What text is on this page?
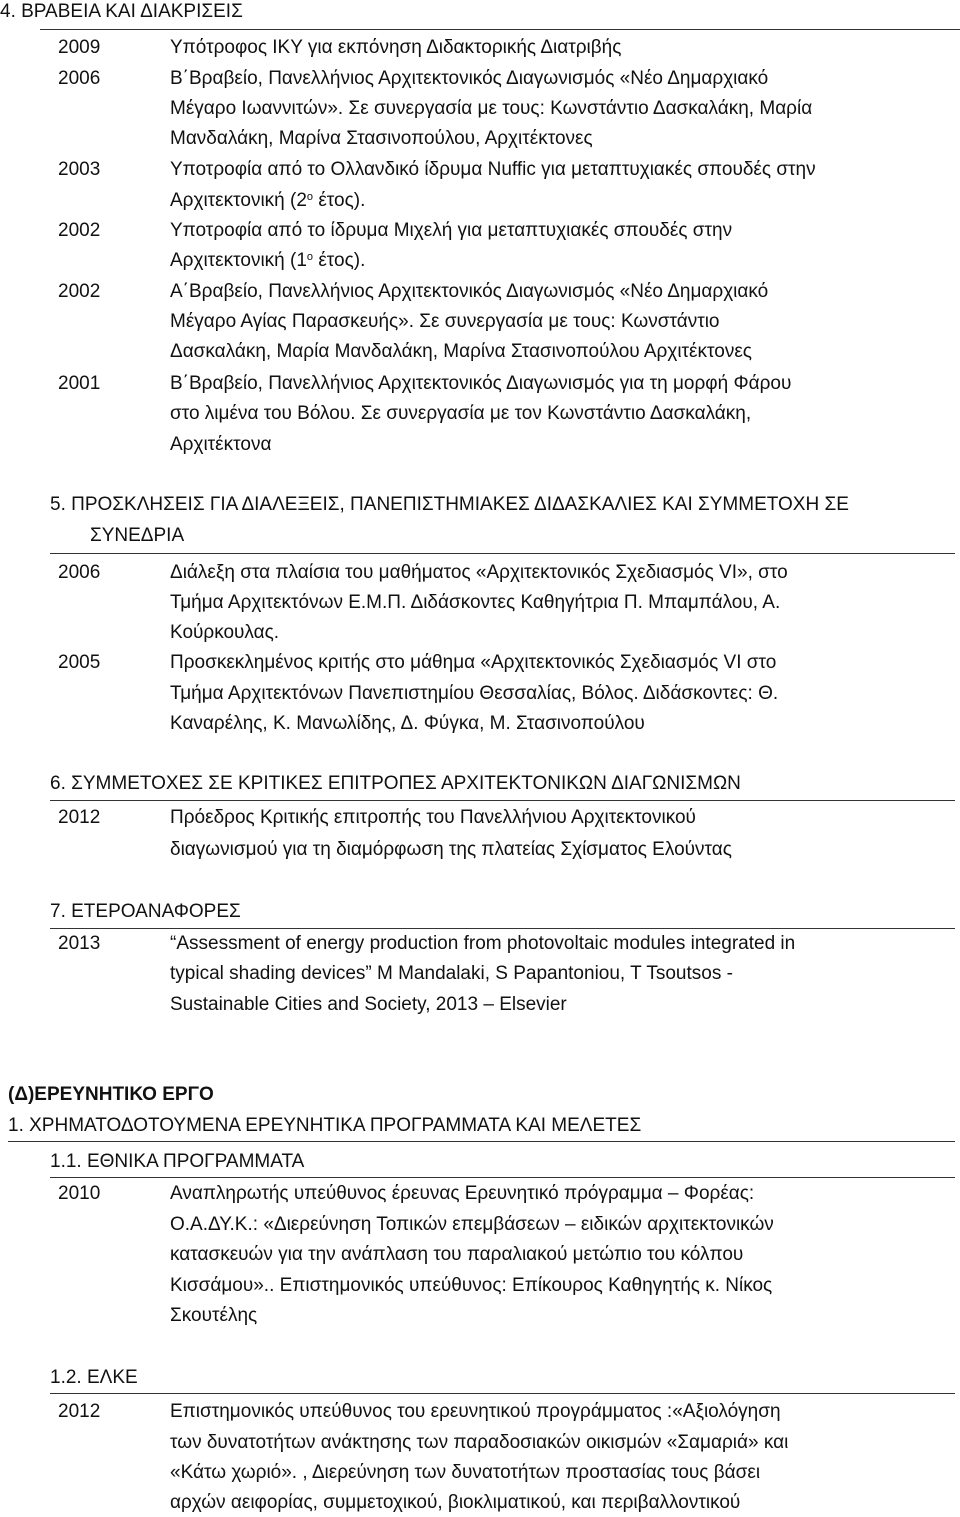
4. ΒΡΑΒΕΙΑ ΚΑΙ ΔΙΑΚΡΙΣΕΙΣ
2009	Υπότροφος ΙΚΥ για εκπόνηση Διδακτορικής Διατριβής
2006	Β΄Βραβείο, Πανελλήνιος Αρχιτεκτονικός Διαγωνισμός «Νέο Δημαρχιακό
Μέγαρο Ιωαννιτών». Σε συνεργασία με τους: Κωνστάντιο Δασκαλάκη, Μαρία
Μανδαλάκη, Μαρίνα Στασινοπούλου, Αρχιτέκτονες
2003	Υποτροφία από το Ολλανδικό ίδρυμα Nuffic για μεταπτυχιακές σπουδές στην
Αρχιτεκτονική ($2^o$ έτος).
2002	Υποτροφία από το ίδρυμα Μιχελή για μεταπτυχιακές σπουδές στην
Αρχιτεκτονική ($1^o$ έτος).
2002	Α΄Βραβείο, Πανελλήνιος Αρχιτεκτονικός Διαγωνισμός «Νέο Δημαρχιακό
Μέγαρο Αγίας Παρασκευής». Σε συνεργασία με τους: Κωνστάντιο
Δασκαλάκη, Μαρία Μανδαλάκη, Μαρίνα Στασινοπούλου Αρχιτέκτονες
2001	Β΄Βραβείο, Πανελλήνιος Αρχιτεκτονικός Διαγωνισμός για τη μορφή Φάρου
στο λιμένα του Βόλου. Σε συνεργασία με τον Κωνστάντιο Δασκαλάκη,
Αρχιτέκτονα
5. ΠΡΟΣΚΛΗΣΕΙΣ ΓΙΑ ΔΙΑΛΕΞΕΙΣ, ΠΑΝΕΠΙΣΤΗΜΙΑΚΕΣ ΔΙΔΑΣΚΑΛΙΕΣ ΚΑΙ ΣΥΜΜΕΤΟΧΗ ΣΕ
ΣΥΝΕΔΡΙΑ
2006	Διάλεξη στα πλαίσια του μαθήματος «Αρχιτεκτονικός Σχεδιασμός VI», στο
Τμήμα Αρχιτεκτόνων Ε.Μ.Π. Διδάσκοντες Καθηγήτρια Π. Μπαμπάλου, Α.
Κούρκουλας.
2005	Προσκεκλημένος κριτής στο μάθημα «Αρχιτεκτονικός Σχεδιασμός VI στο
Τμήμα Αρχιτεκτόνων Πανεπιστημίου Θεσσαλίας, Βόλος. Διδάσκοντες: Θ.
Καναρέλης, Κ. Μανωλίδης, Δ. Φύγκα, Μ. Στασινοπούλου
6. ΣΥΜΜΕΤΟΧΕΣ ΣΕ ΚΡΙΤΙΚΕΣ ΕΠΙΤΡΟΠΕΣ ΑΡΧΙΤΕΚΤΟΝΙΚΩΝ ΔΙΑΓΩΝΙΣΜΩΝ
2012	Πρόεδρος Κριτικής επιτροπής του Πανελλήνιου Αρχιτεκτονικού
διαγωνισμού για τη διαμόρφωση της πλατείας Σχίσματος Ελούντας
7. ΕΤΕΡΟΑΝΑΦΟΡΕΣ
2013	“Assessment of energy production from photovoltaic modules integrated in
typical shading devices” M Mandalaki, S Papantoniou, T Tsoutsos -
Sustainable Cities and Society, 2013 – Elsevier
(Δ)ΕΡΕΥΝΗΤΙΚΟ ΕΡΓΟ
1. ΧΡΗΜΑΤΟΔΟΤΟΥΜΕΝΑ ΕΡΕΥΝΗΤΙΚΑ ΠΡΟΓΡΑΜΜΑΤΑ ΚΑΙ ΜΕΛΕΤΕΣ
1.1. ΕΘΝΙΚΑ ΠΡΟΓΡΑΜΜΑΤΑ
2010	Αναπληρωτής υπεύθυνος έρευνας Ερευνητικό πρόγραμμα – Φορέας:
Ο.Α.ΔΥ.Κ.: «Διερεύνηση Τοπικών επεμβάσεων – ειδικών αρχιτεκτονικών
κατασκευών για την ανάπλαση του παραλιακού μετώπιο του κόλπου
Κισσάμου».. Επιστημονικός υπεύθυνος: Επίκουρος Καθηγητής κ. Νίκος
Σκουτέλης
1.2. ΕΛΚΕ
2012	Επιστημονικός υπεύθυνος του ερευνητικού προγράμματος :«Αξιολόγηση
των δυνατοτήτων ανάκτησης των παραδοσιακών οικισμών «Σαμαριά» και
«Κάτω χωριό». , Διερεύνηση των δυνατοτήτων προστασίας τους βάσει
αρχών αειφορίας, συμμετοχικού, βιοκλιματικού, και περιβαλλοντικού
